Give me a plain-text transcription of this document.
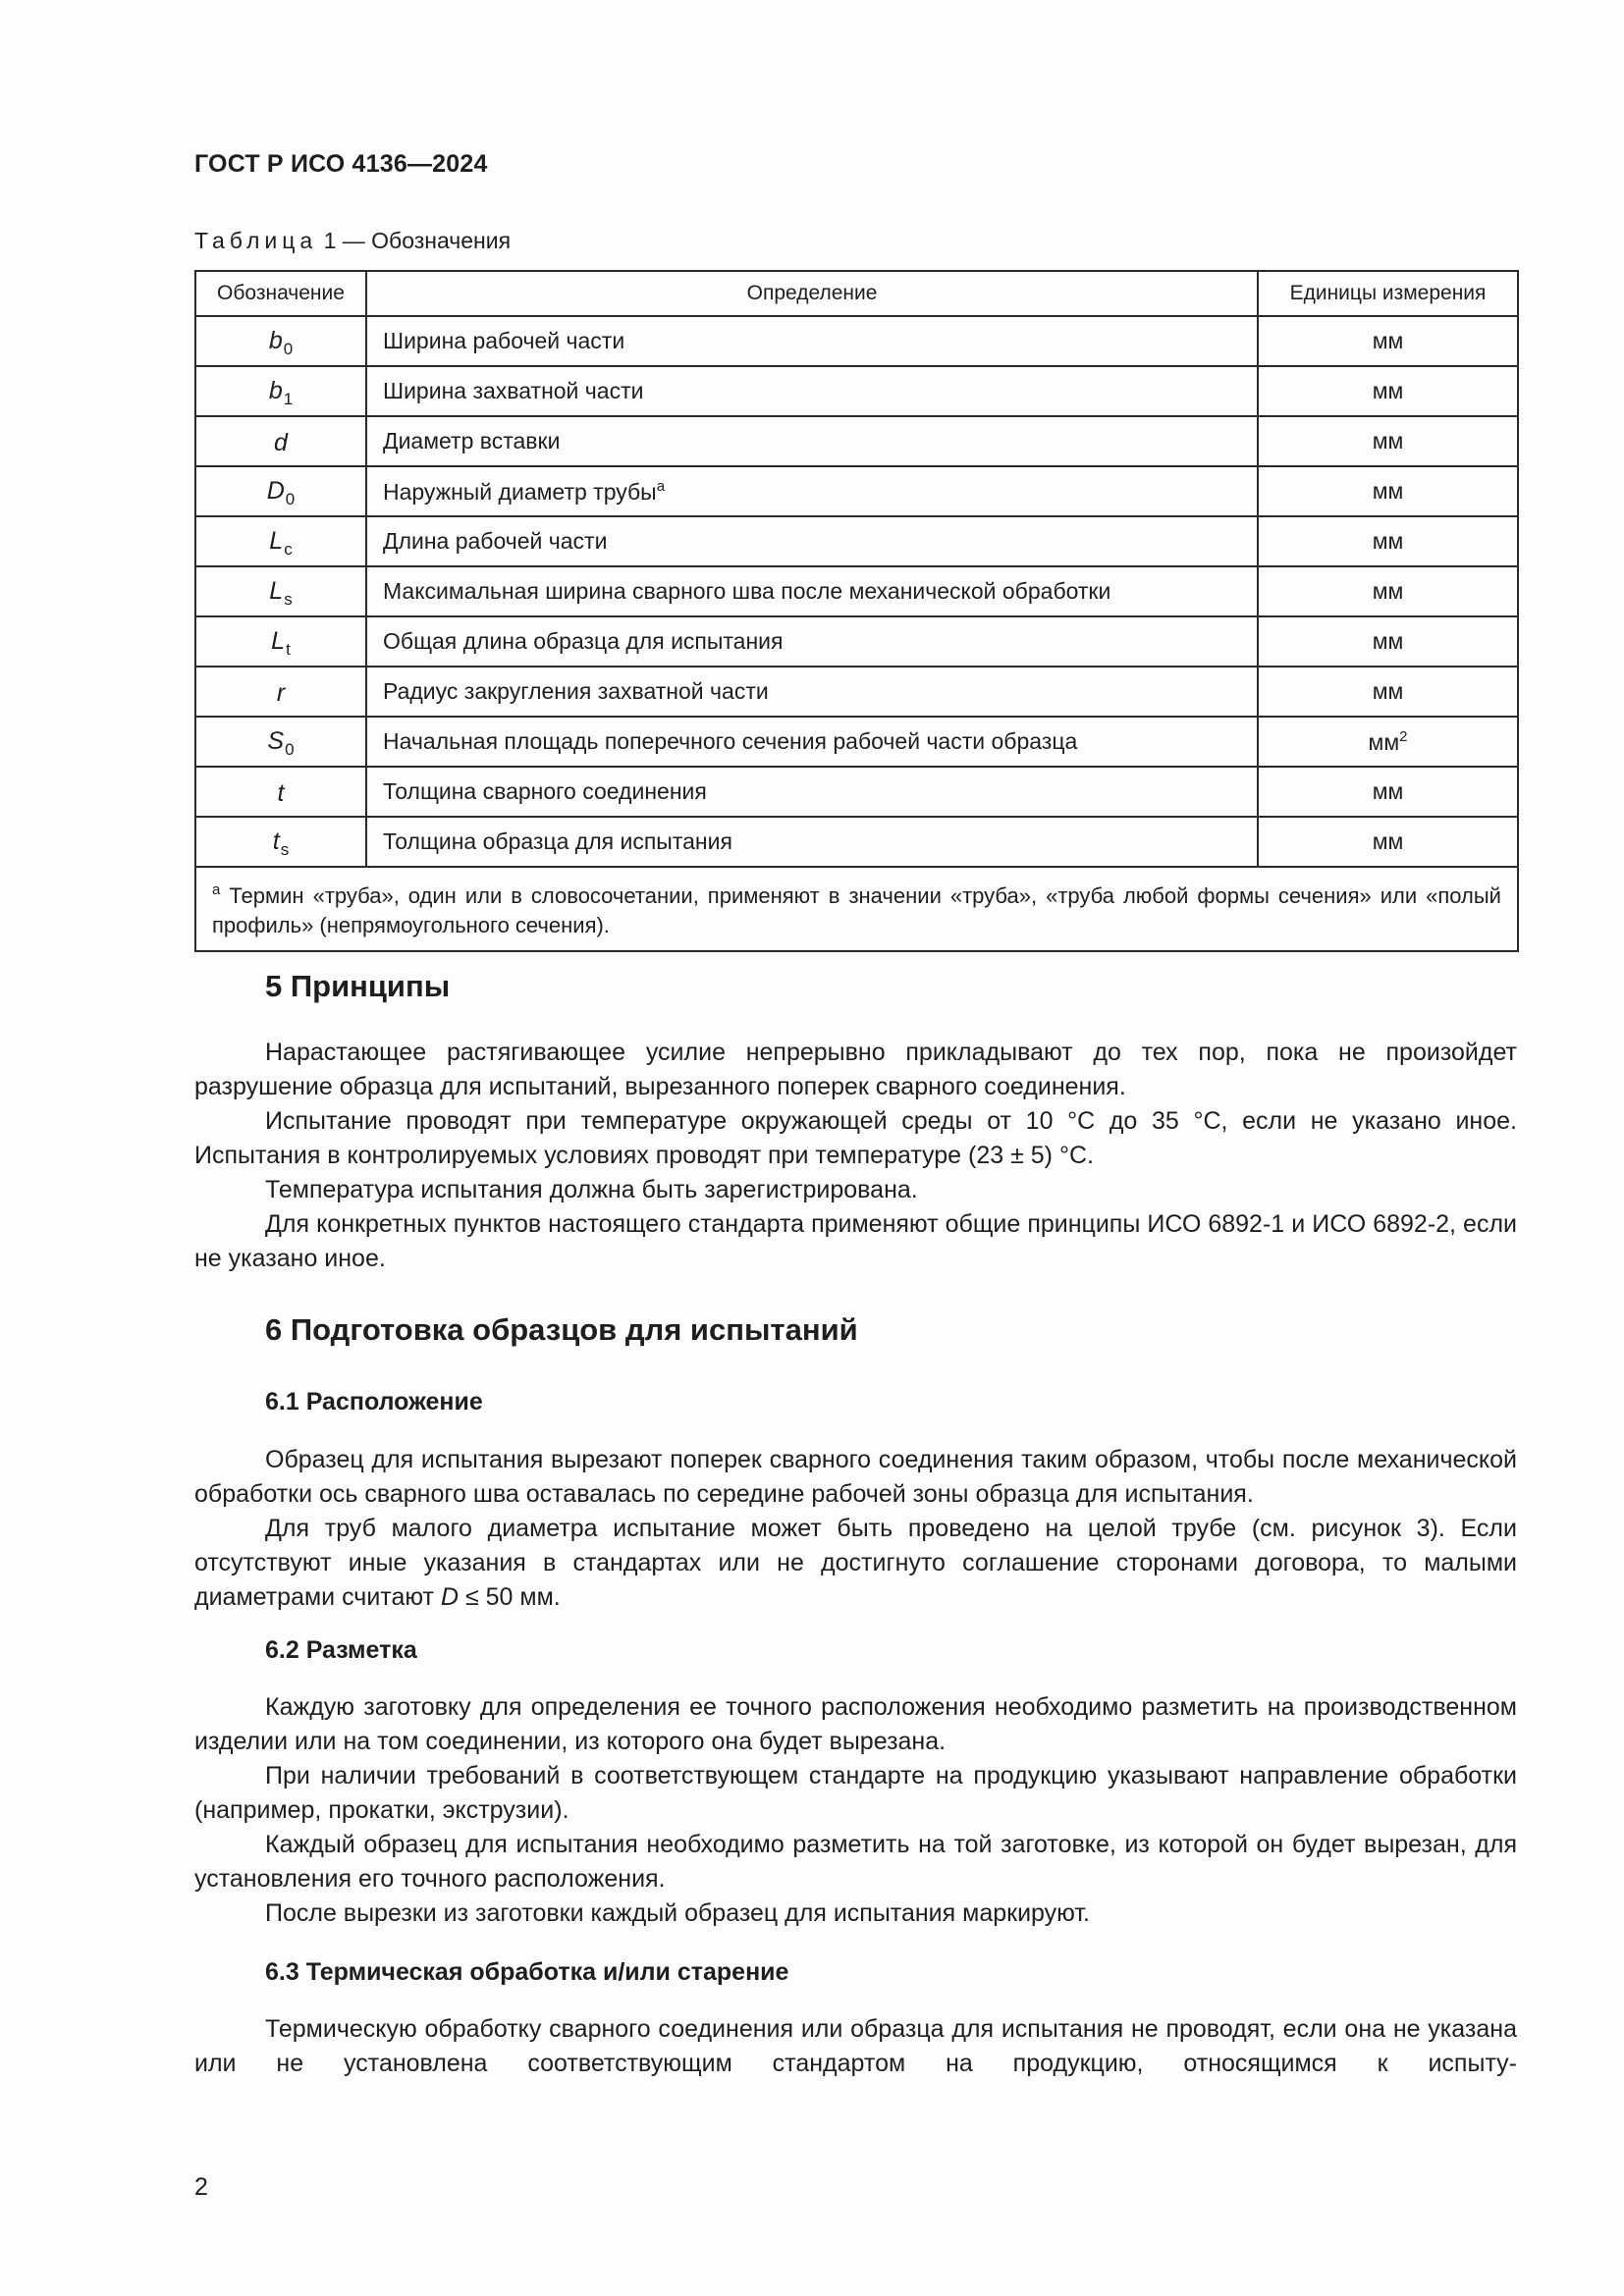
ГОСТ Р ИСО 4136—2024
Таблица 1 — Обозначения
Обозначение	Определение	Единицы измерения
$b_0$	Ширина рабочей части	мм
$b_1$	Ширина захватной части	мм
d	Диаметр вставки	мм
$D_0$	Наружный диаметр трубы$^a$	мм
$L_c$	Длина рабочей части	мм
$L_s$	Максимальная ширина сварного шва после механической обработки	мм
$L_t$	Общая длина образца для испытания	мм
r	Радиус закругления захватной части	мм
$S_0$	Начальная площадь поперечного сечения рабочей части образца	$мм^2$
t	Толщина сварного соединения	мм
$t_s$	Толщина образца для испытания	мм
$^a$ Термин «труба», один или в словосочетании, применяют в значении «труба», «труба любой формы сечения» или «полый профиль» (непрямоугольного сечения).		
5 Принципы
Нарастающее растягивающее усилие непрерывно прикладывают до тех пор, пока не произойдет разрушение образца для испытаний, вырезанного поперек сварного соединения.
Испытание проводят при температуре окружающей среды от 10 °С до 35 °С, если не указано иное. Испытания в контролируемых условиях проводят при температуре (23 ± 5) °С.
Температура испытания должна быть зарегистрирована.
Для конкретных пунктов настоящего стандарта применяют общие принципы ИСО 6892-1 и ИСО 6892-2, если не указано иное.
6 Подготовка образцов для испытаний
6.1 Расположение
Образец для испытания вырезают поперек сварного соединения таким образом, чтобы после механической обработки ось сварного шва оставалась по середине рабочей зоны образца для испытания.
Для труб малого диаметра испытание может быть проведено на целой трубе (см. рисунок 3). Если отсутствуют иные указания в стандартах или не достигнуто соглашение сторонами договора, то малыми диаметрами считают D ≤ 50 мм.
6.2 Разметка
Каждую заготовку для определения ее точного расположения необходимо разметить на производственном изделии или на том соединении, из которого она будет вырезана.
При наличии требований в соответствующем стандарте на продукцию указывают направление обработки (например, прокатки, экструзии).
Каждый образец для испытания необходимо разметить на той заготовке, из которой он будет вырезан, для установления его точного расположения.
После вырезки из заготовки каждый образец для испытания маркируют.
6.3 Термическая обработка и/или старение
Термическую обработку сварного соединения или образца для испытания не проводят, если она не указана или не установлена соответствующим стандартом на продукцию, относящимся к испыту-
2
